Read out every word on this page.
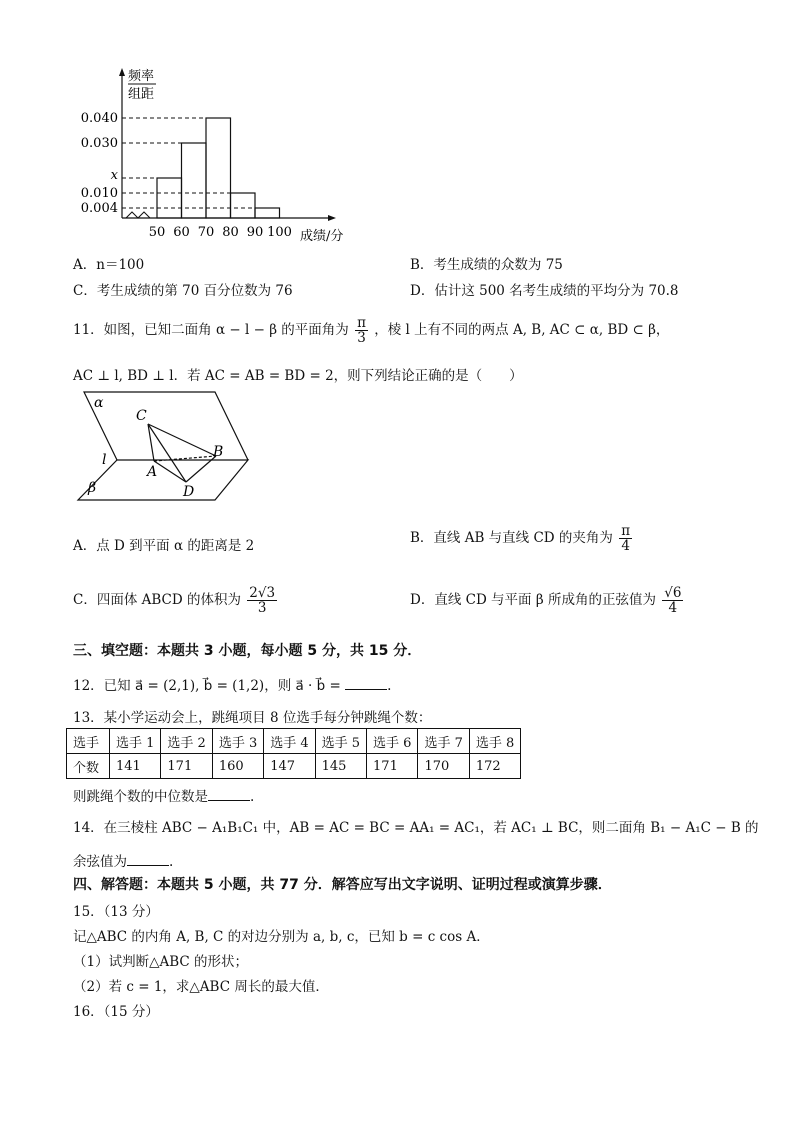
频率
组距
0.040
0.030
x
0.010
0.004
50 60 70 80 90 100 成绩/分
A．n＝100	B．考生成绩的众数为 75
C．考生成绩的第 70 百分位数为 76	D．估计这 500 名考生成绩的平均分为 70.8
11．如图，已知二面角 α − l − β 的平面角为 $\frac{\pi}{3}$ ，棱 l 上有不同的两点 A, B, AC ⊂ α, BD ⊂ β，
AC ⊥ l, BD ⊥ l．若 AC = AB = BD = 2，则下列结论正确的是（　　）
α
β
l
C
A
B
D
A．点 D 到平面 α 的距离是 2	B．直线 AB 与直线 CD 的夹角为 $\frac{\pi}{4}$
C．四面体 ABCD 的体积为 $\frac{2√3}{3}$	D．直线 CD 与平面 β 所成角的正弦值为 $\frac{√6}{4}$
三、填空题：本题共 3 小题，每小题 5 分，共 15 分．
12．已知 a⃗ = (2,1), b⃗ = (1,2)，则 a⃗ · b⃗ =	.
13．某小学运动会上，跳绳项目 8 位选手每分钟跳绳个数：
选手	选手 1	选手 2	选手 3	选手 4	选手 5	选手 6	选手 7	选手 8
个数	141	171	160	147	145	171	170	172
则跳绳个数的中位数是	.
14．在三棱柱 ABC − A₁B₁C₁ 中，AB = AC = BC = AA₁ = AC₁，若 AC₁ ⊥ BC，则二面角 B₁ − A₁C − B 的
余弦值为	.
四、解答题：本题共 5 小题，共 77 分．解答应写出文字说明、证明过程或演算步骤．
15．（13 分）
记△ABC 的内角 A, B, C 的对边分别为 a, b, c，已知 b = c cos A．
（1）试判断△ABC 的形状；
（2）若 c = 1，求△ABC 周长的最大值．
16．（15 分）
